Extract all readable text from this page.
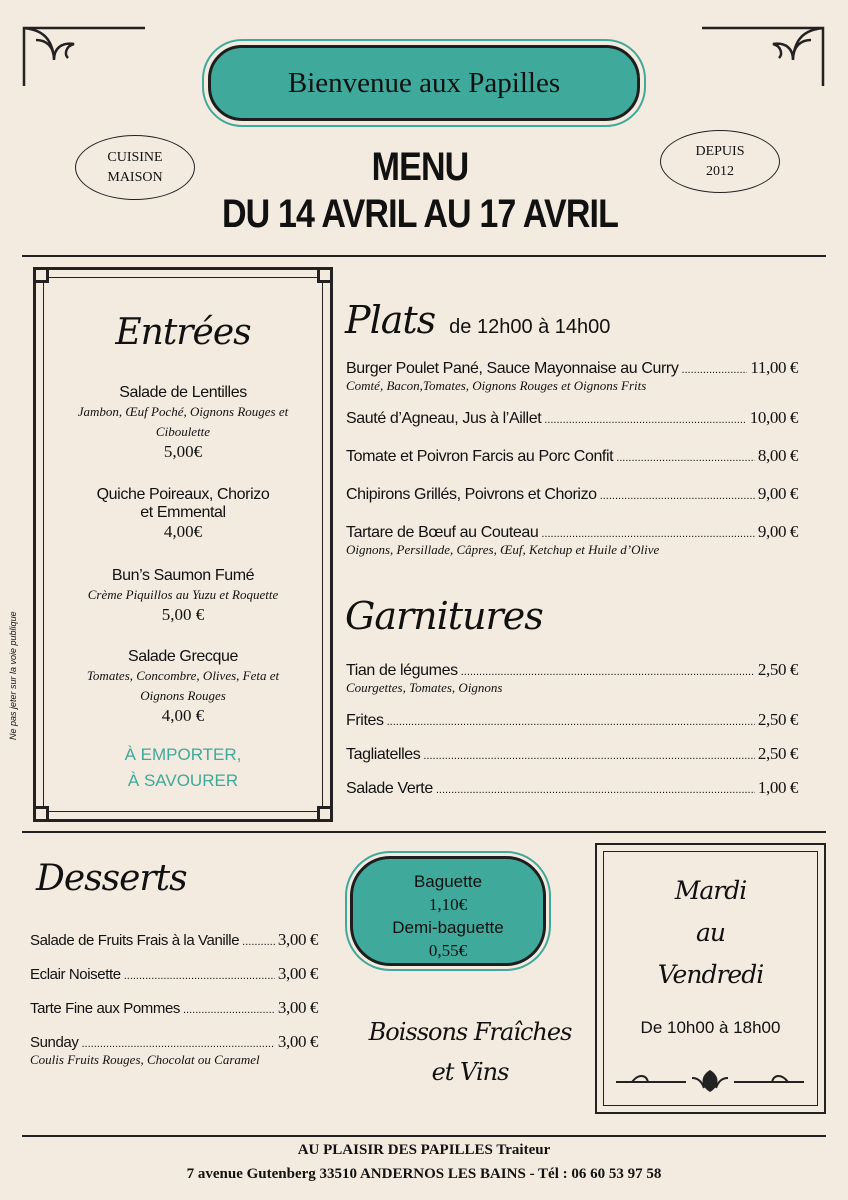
Bienvenue aux Papilles
CUISINE
MAISON
DEPUIS
2012
MENU
DU 14 AVRIL AU 17 AVRIL
Ne pas jeter sur la voie publique
Entrées
Salade de Lentilles
Jambon, Œuf Poché, Oignons Rouges et Ciboulette
5,00€
Quiche Poireaux, Chorizo et Emmental
4,00€
Bun’s Saumon Fumé
Crème Piquillos au Yuzu et Roquette
5,00 €
Salade Grecque
Tomates, Concombre, Olives, Feta et Oignons Rouges
4,00 €
À EMPORTER,
À SAVOURER
Plats de 12h00 à 14h00
Burger Poulet Pané, Sauce Mayonnaise au Curry .....	11,00 €
Comté, Bacon,Tomates, Oignons Rouges et Oignons Frits
Sauté d’Agneau, Jus à l’Aillet .....	10,00 €
Tomate et Poivron Farcis au Porc Confit .....	8,00 €
Chipirons Grillés, Poivrons et Chorizo .....	9,00 €
Tartare de Bœuf au Couteau .....	9,00 €
Oignons, Persillade, Câpres, Œuf, Ketchup et Huile d’Olive
Garnitures
Tian de légumes .....	2,50 €
Courgettes, Tomates, Oignons
Frites .....	2,50 €
Tagliatelles .....	2,50 €
Salade Verte .....	1,00 €
Desserts
Salade de Fruits Frais à la Vanille ..... 3,00 €
Eclair Noisette .....	3,00 €
Tarte Fine aux Pommes .....	3,00 €
Sunday .....	3,00 €
Coulis Fruits Rouges, Chocolat ou Caramel
Baguette
1,10€
Demi-baguette
0,55€
Boissons Fraîches
et Vins
Mardi
au
Vendredi
De 10h00 à 18h00
AU PLAISIR DES PAPILLES Traiteur
7 avenue Gutenberg 33510 ANDERNOS LES BAINS - Tél : 06 60 53 97 58
